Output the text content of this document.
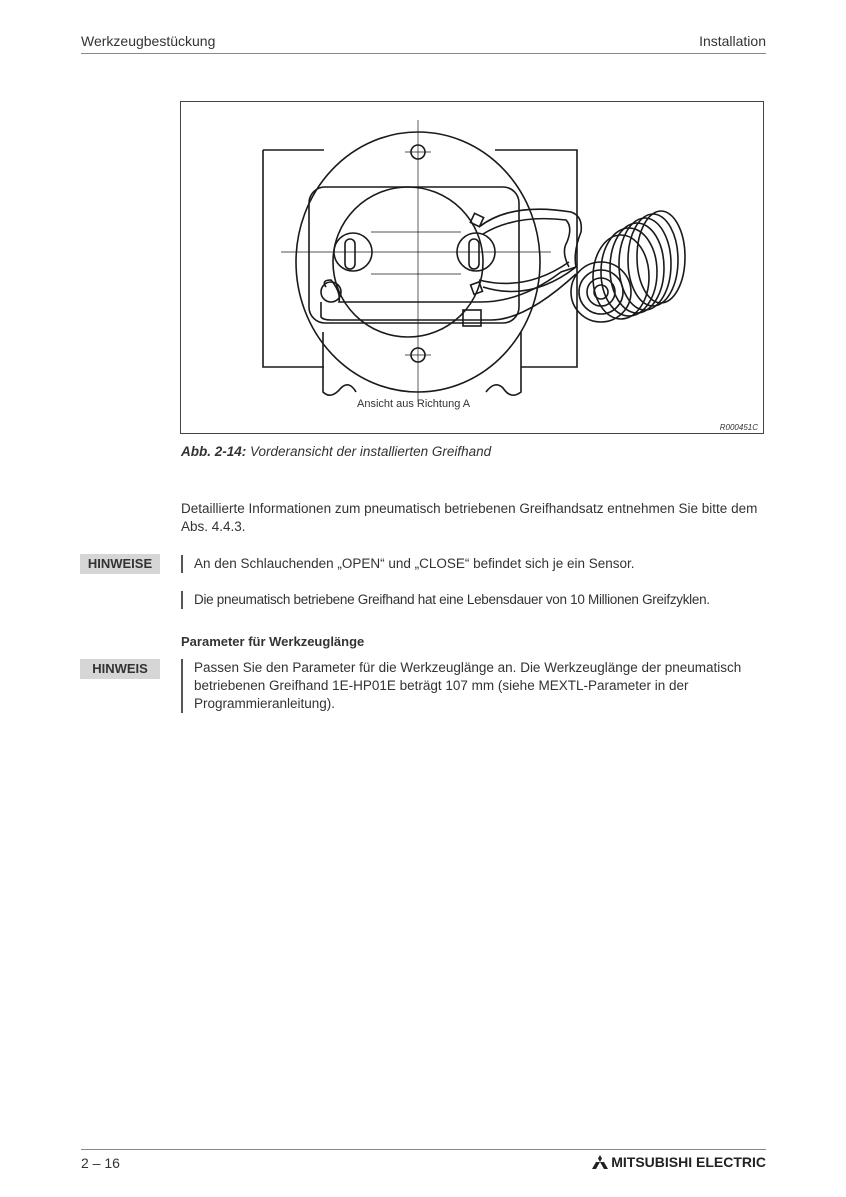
Werkzeugbestückung	Installation
Ansicht aus Richtung A
R000451C
Abb. 2-14: Vorderansicht der installierten Greifhand
Detaillierte Informationen zum pneumatisch betriebenen Greifhandsatz entnehmen Sie bitte dem Abs. 4.4.3.
HINWEISE	An den Schlauchenden „OPEN“ und „CLOSE“ befindet sich je ein Sensor.
Die pneumatisch betriebene Greifhand hat eine Lebensdauer von 10 Millionen Greifzyklen.
Parameter für Werkzeuglänge
HINWEIS	Passen Sie den Parameter für die Werkzeuglänge an. Die Werkzeuglänge der pneumatisch betriebenen Greifhand 1E-HP01E beträgt 107 mm (siehe MEXTL-Parameter in der Programmieranleitung).
2 – 16	MITSUBISHI ELECTRIC
